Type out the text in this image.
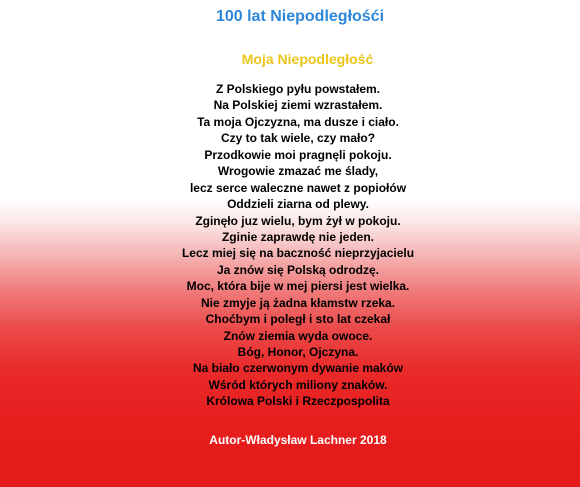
100 lat Niepodległośći
Moja Niepodległość
Z Polskiego pyłu powstałem.
Na Polskiej ziemi wzrastałem.
Ta moja Ojczyzna, ma dusze i ciało.
Czy to tak wiele, czy mało?
Przodkowie moi pragnęli pokoju.
Wrogowie zmazać me ślady,
lecz serce waleczne nawet z popiołów
Oddzieli ziarna od plewy.
Zginęło juz wielu, bym żył w pokoju.
Zginie zaprawdę nie jeden.
Lecz miej się na baczność nieprzyjacielu
Ja znów się Polską odrodzę.
Moc, która bije w mej piersi jest wielka.
Nie zmyje ją żadna kłamstw rzeka.
Choćbym i poległ i sto lat czekał
Znów ziemia wyda owoce.
Bóg, Honor, Ojczyna.
Na biało czerwonym dywanie maków
Wśród których miliony znaków.
Królowa Polski i Rzeczpospolita
Autor-Władysław Lachner 2018
